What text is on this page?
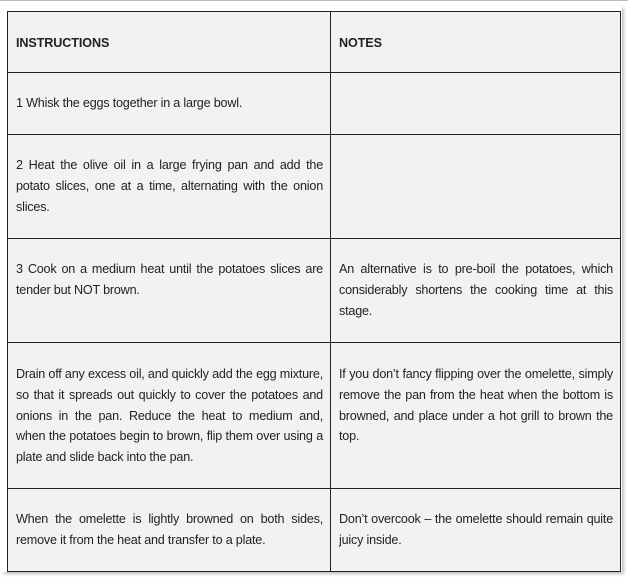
INSTRUCTIONS	NOTES
1 Whisk the eggs together in a large bowl.	
2 Heat the olive oil in a large frying pan and add the potato slices, one at a time, alternating with the onion slices.	
3 Cook on a medium heat until the potatoes slices are tender but NOT brown.	An alternative is to pre-boil the potatoes, which considerably shortens the cooking time at this stage.
Drain off any excess oil, and quickly add the egg mixture, so that it spreads out quickly to cover the potatoes and onions in the pan. Reduce the heat to medium and, when the potatoes begin to brown, flip them over using a plate and slide back into the pan.	If you don’t fancy flipping over the omelette, simply remove the pan from the heat when the bottom is browned, and place under a hot grill to brown the top.
When the omelette is lightly browned on both sides, remove it from the heat and transfer to a plate.	Don’t overcook – the omelette should remain quite juicy inside.
